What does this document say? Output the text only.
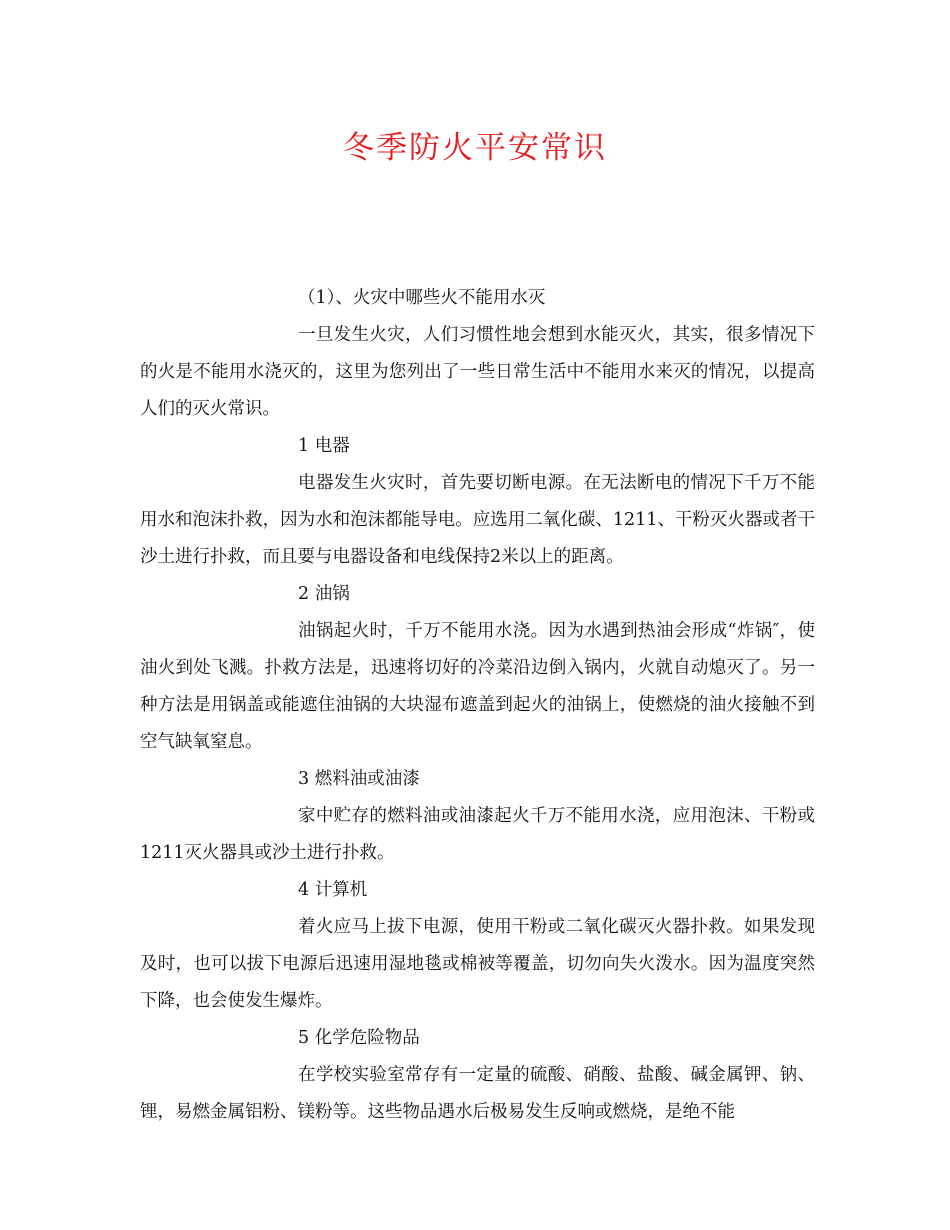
冬季防火平安常识
（1）、火灾中哪些火不能用水灭

一旦发生火灾，人们习惯性地会想到水能灭火，其实，很多情况下的火是不能用水浇灭的，这里为您列出了一些日常生活中不能用水来灭的情况，以提高人们的灭火常识。

1 电器

电器发生火灾时，首先要切断电源。在无法断电的情况下千万不能用水和泡沫扑救，因为水和泡沫都能导电。应选用二氧化碳、1211、干粉灭火器或者干沙土进行扑救，而且要与电器设备和电线保持2米以上的距离。

2 油锅

油锅起火时，千万不能用水浇。因为水遇到热油会形成“炸锅″，使油火到处飞溅。扑救方法是，迅速将切好的冷菜沿边倒入锅内，火就自动熄灭了。另一种方法是用锅盖或能遮住油锅的大块湿布遮盖到起火的油锅上，使燃烧的油火接触不到空气缺氧窒息。

3 燃料油或油漆

家中贮存的燃料油或油漆起火千万不能用水浇，应用泡沫、干粉或1211灭火器具或沙土进行扑救。

4 计算机

着火应马上拔下电源，使用干粉或二氧化碳灭火器扑救。如果发现及时，也可以拔下电源后迅速用湿地毯或棉被等覆盖，切勿向失火泼水。因为温度突然下降，也会使发生爆炸。

5 化学危险物品

在学校实验室常存有一定量的硫酸、硝酸、盐酸、碱金属钾、钠、锂，易燃金属铝粉、镁粉等。这些物品遇水后极易发生反响或燃烧，是绝不能
